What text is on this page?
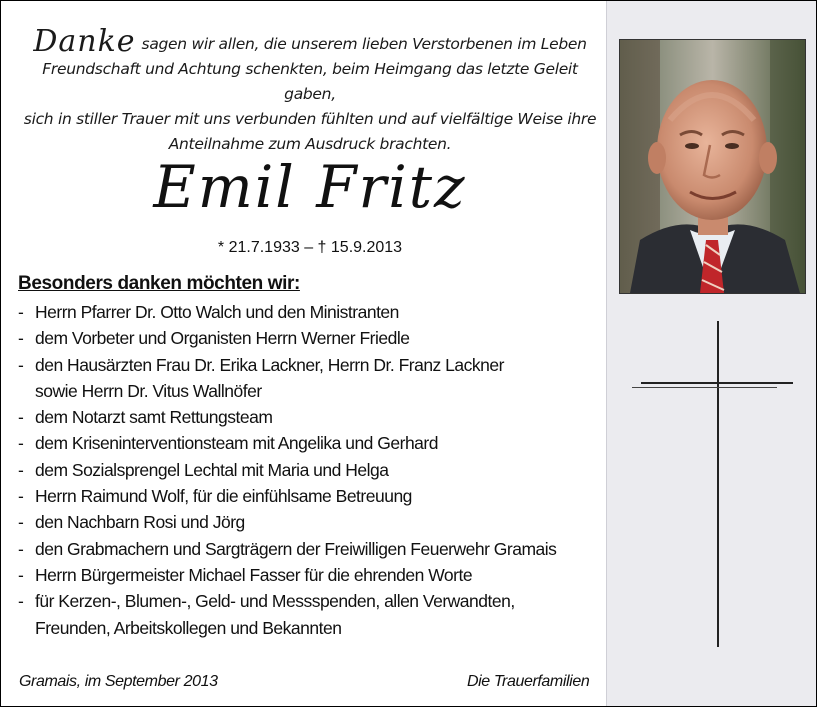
Danke sagen wir allen, die unserem lieben Verstorbenen im Leben
Freundschaft und Achtung schenkten, beim Heimgang das letzte Geleit gaben,
sich in stiller Trauer mit uns verbunden fühlten und auf vielfältige Weise ihre
Anteilnahme zum Ausdruck brachten.
Emil Fritz
* 21.7.1933 – † 15.9.2013
Besonders danken möchten wir:
- Herrn Pfarrer Dr. Otto Walch und den Ministranten
- dem Vorbeter und Organisten Herrn Werner Friedle
- den Hausärzten Frau Dr. Erika Lackner, Herrn Dr. Franz Lackner
sowie Herrn Dr. Vitus Wallnöfer
- dem Notarzt samt Rettungsteam
- dem Kriseninterventionsteam mit Angelika und Gerhard
- dem Sozialsprengel Lechtal mit Maria und Helga
- Herrn Raimund Wolf, für die einfühlsame Betreuung
- den Nachbarn Rosi und Jörg
- den Grabmachern und Sargträgern der Freiwilligen Feuerwehr Gramais
- Herrn Bürgermeister Michael Fasser für die ehrenden Worte
- für Kerzen-, Blumen-, Geld- und Messspenden, allen Verwandten,
Freunden, Arbeitskollegen und Bekannten
Gramais, im September 2013	Die Trauerfamilien
